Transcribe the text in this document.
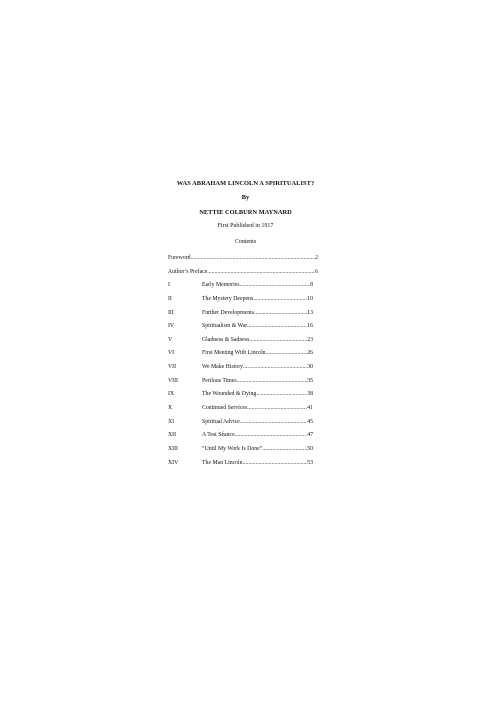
WAS ABRAHAM LINCOLN A SPIRITUALIST?
By
NETTIE COLBURN MAYNARD
First Published in 1917
Contents
Foreword .....	2
Author’s Preface .....	6
I	Early Memories .....	8
II	The Mystery Deepens .....	10
III	Further Developments .....	13
IV	Spiritualism & War .....	16
V	Gladness & Sadness .....	23
VI	First Meeting With Lincoln .....	26
VII	We Make History .....	30
VIII	Perilous Times .....	35
IX	The Wounded & Dying .....	38
X	Continued Services .....	41
XI	Spiritual Advice .....	45
XII	A Test Séance .....	47
XIII	“Until My Work Is Done” .....	50
XIV	The Man Lincoln .....	53
